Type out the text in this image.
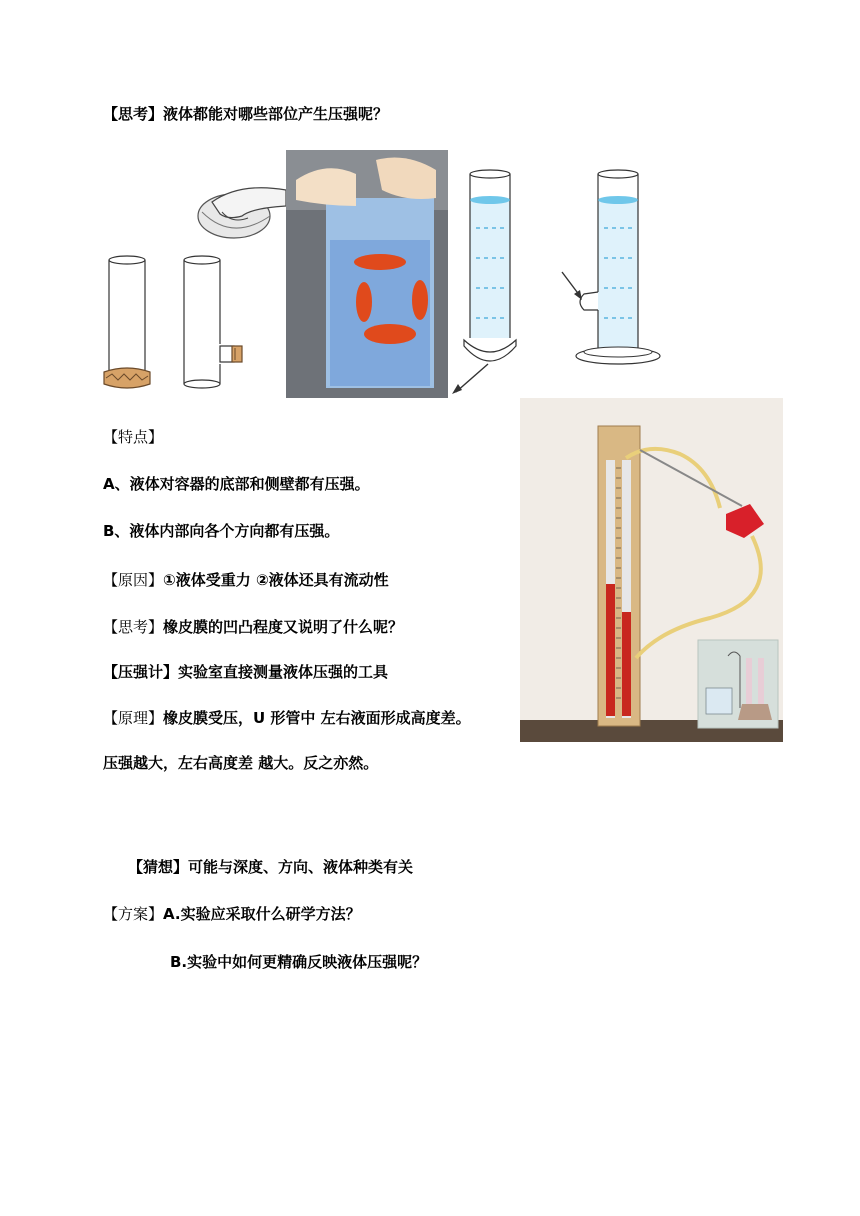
【思考】液体都能对哪些部位产生压强呢？
【特点】
A、液体对容器的底部和侧壁都有压强。
B、液体内部向各个方向都有压强。
【原因】①液体受重力 ②液体还具有流动性
【思考】橡皮膜的凹凸程度又说明了什么呢？
【压强计】实验室直接测量液体压强的工具
【原理】橡皮膜受压，U 形管中 左右液面形成高度差。
压强越大，左右高度差 越大。反之亦然。
【猜想】可能与深度、方向、液体种类有关
【方案】A.实验应采取什么研学方法？
B.实验中如何更精确反映液体压强呢？
